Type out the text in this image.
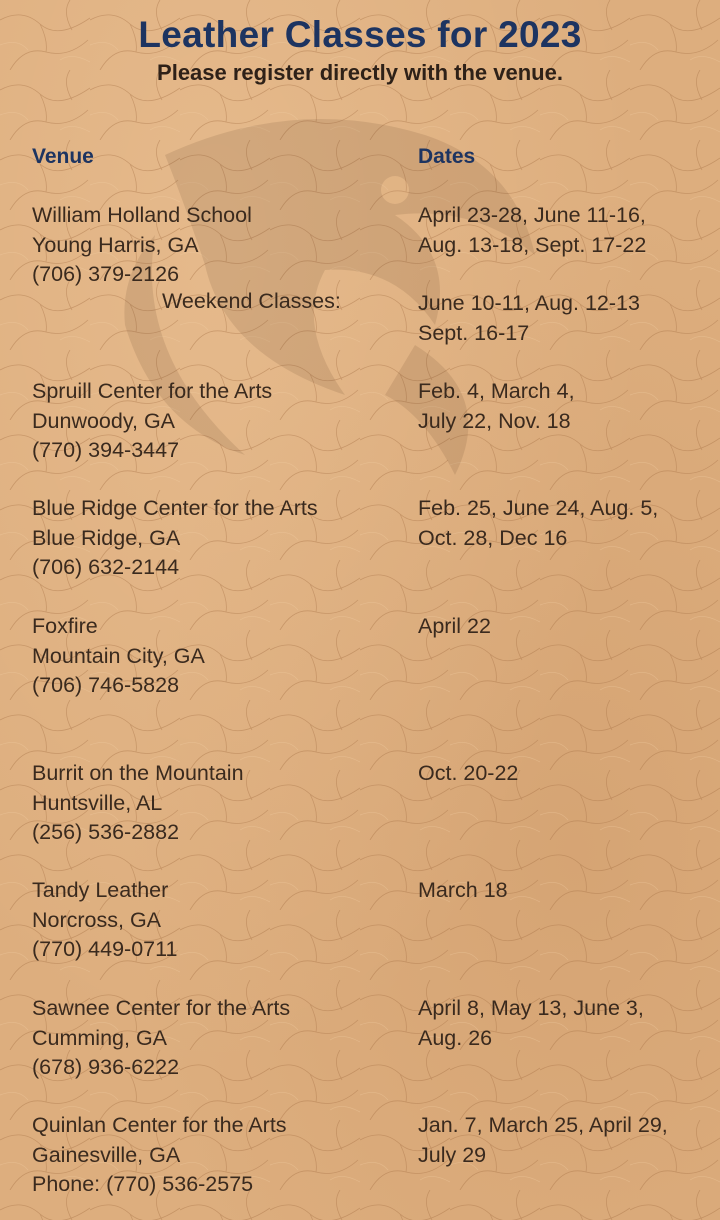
Leather Classes for 2023
Please register directly with the venue.
Venue	Dates
William Holland School
Young Harris, GA
(706) 379-2126
Weekend Classes:
April 23-28, June 11-16,
Aug. 13-18, Sept. 17-22
June 10-11, Aug. 12-13
Sept. 16-17
Spruill Center for the Arts
Dunwoody, GA
(770) 394-3447
Feb. 4, March 4,
July 22, Nov. 18
Blue Ridge Center for the Arts
Blue Ridge, GA
(706) 632-2144
Feb. 25, June 24, Aug. 5,
Oct. 28, Dec 16
Foxfire
Mountain City, GA
(706) 746-5828
April 22
Burrit on the Mountain
Huntsville, AL
(256) 536-2882
Oct. 20-22
Tandy Leather
Norcross, GA
(770) 449-0711
March 18
Sawnee Center for the Arts
Cumming, GA
(678) 936-6222
April 8, May 13, June 3,
Aug. 26
Quinlan Center for the Arts
Gainesville, GA
Phone: (770) 536-2575
Jan. 7, March 25, April 29,
July 29
